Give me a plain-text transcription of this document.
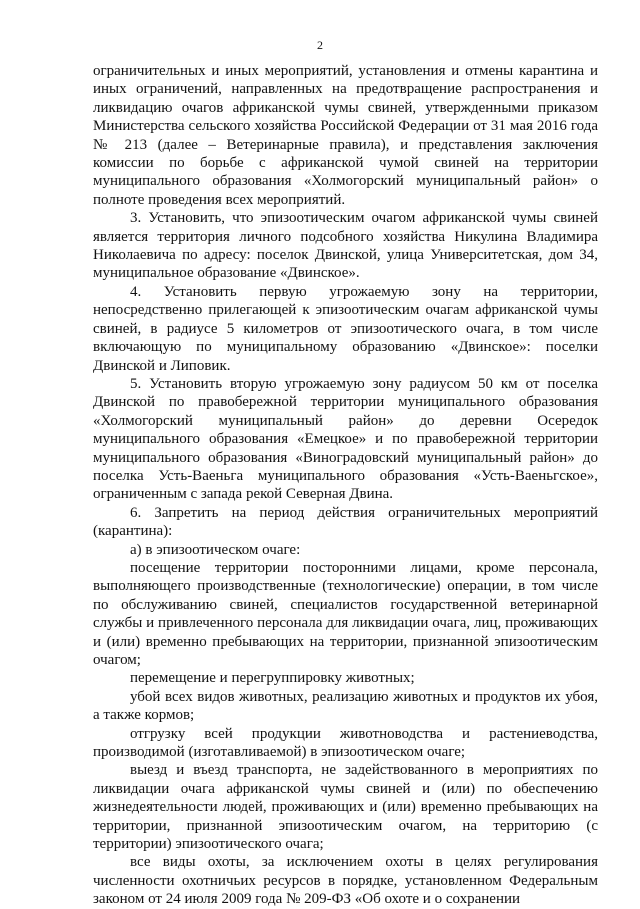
2

ограничительных и иных мероприятий, установления и отмены карантина и иных ограничений, направленных на предотвращение распространения и ликвидацию очагов африканской чумы свиней, утвержденными приказом Министерства сельского хозяйства Российской Федерации от 31 мая 2016 года № 213 (далее – Ветеринарные правила), и представления заключения комиссии по борьбе с африканской чумой свиней на территории муниципального образования «Холмогорский муниципальный район» о полноте проведения всех мероприятий.

3. Установить, что эпизоотическим очагом африканской чумы свиней является территория личного подсобного хозяйства Никулина Владимира Николаевича по адресу: поселок Двинской, улица Университетская, дом 34, муниципальное образование «Двинское».

4. Установить первую угрожаемую зону на территории, непосредственно прилегающей к эпизоотическим очагам африканской чумы свиней, в радиусе 5 километров от эпизоотического очага, в том числе включающую по муниципальному образованию «Двинское»: поселки Двинской и Липовик.

5. Установить вторую угрожаемую зону радиусом 50 км от поселка Двинской по правобережной территории муниципального образования «Холмогорский муниципальный район» до деревни Осередок муниципального образования «Емецкое» и по правобережной территории муниципального образования «Виноградовский муниципальный район» до поселка Усть-Ваеньга муниципального образования «Усть-Ваеньгское», ограниченным с запада рекой Северная Двина.

6. Запретить на период действия ограничительных мероприятий (карантина):

а) в эпизоотическом очаге:

посещение территории посторонними лицами, кроме персонала, выполняющего производственные (технологические) операции, в том числе по обслуживанию свиней, специалистов государственной ветеринарной службы и привлеченного персонала для ликвидации очага, лиц, проживающих и (или) временно пребывающих на территории, признанной эпизоотическим очагом;

перемещение и перегруппировку животных;

убой всех видов животных, реализацию животных и продуктов их убоя, а также кормов;

отгрузку всей продукции животноводства и растениеводства, производимой (изготавливаемой) в эпизоотическом очаге;

выезд и въезд транспорта, не задействованного в мероприятиях по ликвидации очага африканской чумы свиней и (или) по обеспечению жизнедеятельности людей, проживающих и (или) временно пребывающих на территории, признанной эпизоотическим очагом, на территорию (с территории) эпизоотического очага;

все виды охоты, за исключением охоты в целях регулирования численности охотничьих ресурсов в порядке, установленном Федеральным законом от 24 июля 2009 года № 209-ФЗ «Об охоте и о сохранении
